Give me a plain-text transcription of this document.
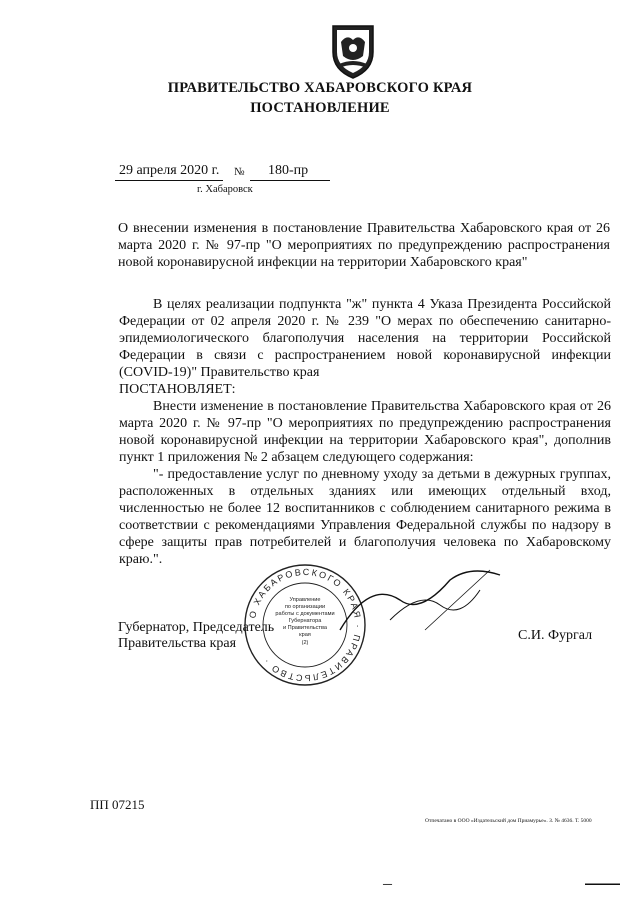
ПРАВИТЕЛЬСТВО ХАБАРОВСКОГО КРАЯ
ПОСТАНОВЛЕНИЕ
29 апреля 2020 г. № 180-пр
г. Хабаровск
О внесении изменения в постановление Правительства Хабаровского края от 26 марта 2020 г. № 97-пр "О мероприятиях по предупреждению распространения новой коронавирусной инфекции на территории Хабаровского края"

В целях реализации подпункта "ж" пункта 4 Указа Президента Российской Федерации от 02 апреля 2020 г. № 239 "О мерах по обеспечению санитарно-эпидемиологического благополучия населения на территории Российской Федерации в связи с распространением новой коронавирусной инфекции (COVID-19)" Правительство края

ПОСТАНОВЛЯЕТ:

Внести изменение в постановление Правительства Хабаровского края от 26 марта 2020 г. № 97-пр "О мероприятиях по предупреждению распространения новой коронавирусной инфекции на территории Хабаровского края", дополнив пункт 1 приложения № 2 абзацем следующего содержания:

"- предоставление услуг по дневному уходу за детьми в дежурных группах, расположенных в отдельных зданиях или имеющих отдельный вход, численностью не более 12 воспитанников с соблюдением санитарного режима в соответствии с рекомендациями Управления Федеральной службы по надзору в сфере защиты прав потребителей и благополучия человека по Хабаровскому краю.".

Губернатор, Председатель
Правительства края
С.И. Фургал
О ХАБАРОВСКОГО КРАЯ · ПРАВИТЕЛЬСТВО ·
Управление
по организации
работы с документами
Губернатора
и Правительства
края
(2)
ПП 07215
Отпечатано в ООО «Издательский дом Приамурье». З. № 4636. Т. 5000
━━━	▬▬▬▬▬▬▬
